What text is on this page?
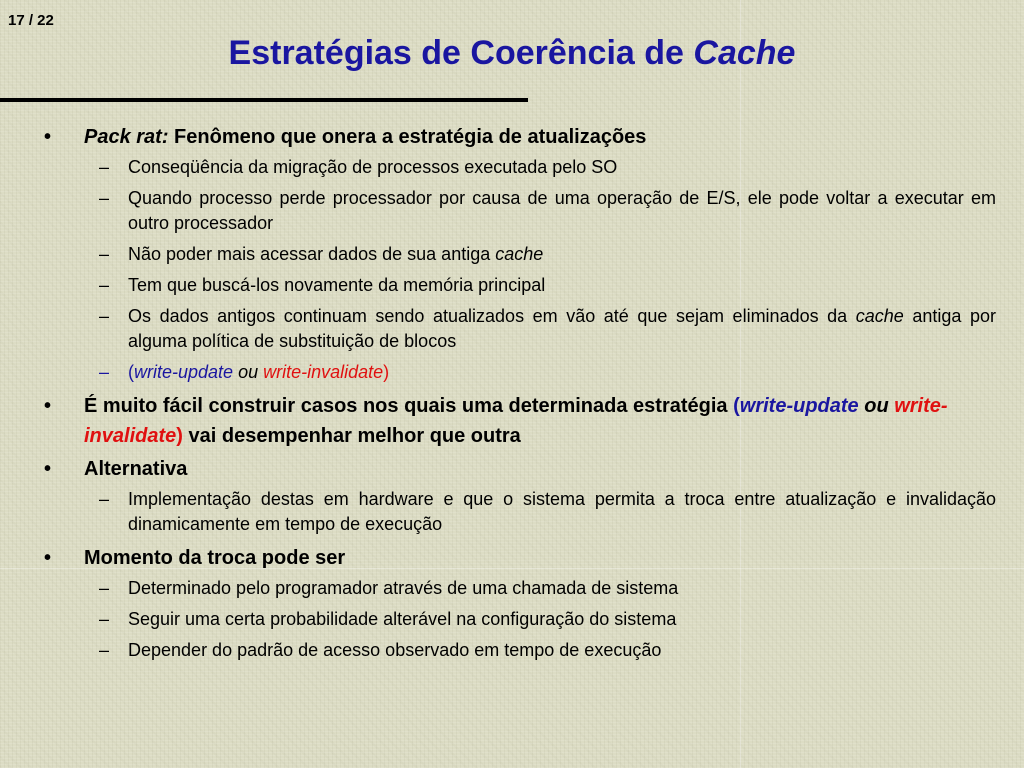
17 / 22
Estratégias de Coerência de Cache
• Pack rat: Fenômeno que onera a estratégia de atualizações
– Conseqüência da migração de processos executada pelo SO
– Quando processo perde processador por causa de uma operação de E/S, ele pode voltar a executar em outro processador
– Não poder mais acessar dados de sua antiga cache
– Tem que buscá-los novamente da memória principal
– Os dados antigos continuam sendo atualizados em vão até que sejam eliminados da cache antiga por alguma política de substituição de blocos
– (write-update ou write-invalidate)
• É muito fácil construir casos nos quais uma determinada estratégia (write-update ou write-invalidate) vai desempenhar melhor que outra
• Alternativa
– Implementação destas em hardware e que o sistema permita a troca entre atualização e invalidação dinamicamente em tempo de execução
• Momento da troca pode ser
– Determinado pelo programador através de uma chamada de sistema
– Seguir uma certa probabilidade alterável na configuração do sistema
– Depender do padrão de acesso observado em tempo de execução
